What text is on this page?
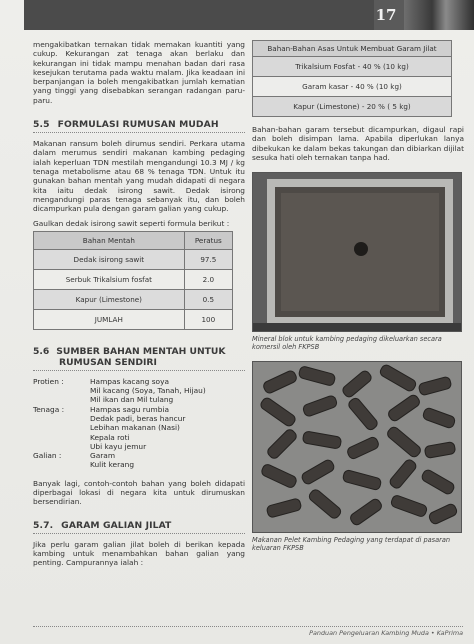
17

mengakibatkan ternakan tidak memakan kuantiti yang cukup. Kekurangan zat tenaga akan berlaku dan kekurangan ini tidak mampu menahan badan dari rasa kesejukan terutama pada waktu malam. Jika keadaan ini berpanjangan ia boleh mengakibatkan jumlah kematian yang tinggi yang disebabkan serangan radangan paru-paru.

5.5 FORMULASI RUMUSAN MUDAH

Makanan ransum boleh dirumus sendiri. Perkara utama dalam merumus sendiri makanan kambing pedaging ialah keperluan TDN mestilah mengandungi 10.3 MJ / kg tenaga metabolisme atau 68 % tenaga TDN. Untuk itu gunakan bahan mentah yang mudah didapati di negara kita iaitu dedak isirong sawit. Dedak isirong mengandungi paras tenaga sebanyak itu, dan boleh dicampurkan pula dengan garam galian yang cukup.

Gaulkan dedak isirong sawit seperti formula berikut :

Bahan Mentah	Peratus
Dedak isirong sawit	97.5
Serbuk Trikalsium fosfat	2.0
Kapur (Limestone)	0.5
JUMLAH	100
5.6 SUMBER BAHAN MENTAH UNTUK
RUMUSAN SENDIRI
Protien :	Hampas kacang soya
Mil kacang (Soya, Tanah, Hijau)
Mil ikan dan Mil tulang
Tenaga :	Hampas sagu rumbia
Dedak padi, beras hancur
Lebihan makanan (Nasi)
Kepala roti
Ubi kayu jemur
Galian :	Garam
Kulit kerang

Banyak lagi, contoh-contoh bahan yang boleh didapati diperbagai lokasi di negara kita untuk dirumuskan bersendirian.

5.7. GARAM GALIAN JILAT

Jika perlu garam galian jilat boleh di berikan kepada kambing untuk menambahkan bahan galian yang penting. Campurannya ialah :

Bahan-Bahan Asas Untuk Membuat Garam Jilat
Trikalsium Fosfat - 40 % (10 kg)
Garam kasar - 40 % (10 kg)
Kapur (Limestone) - 20 % ( 5 kg)

Bahan-bahan garam tersebut dicampurkan, digaul rapi dan boleh disimpan lama. Apabila diperlukan lanya dibekukan ke dalam bekas takungan dan dibiarkan dijilat sesuka hati oleh ternakan tanpa had.

Mineral blok untuk kambing pedaging dikeluarkan secara komersil oleh FKPSB
Makanan Pelet Kambing Pedaging yang terdapat di pasaran keluaran FKPSB
Panduan Pengeluaran Kambing Muda • KaPrima
